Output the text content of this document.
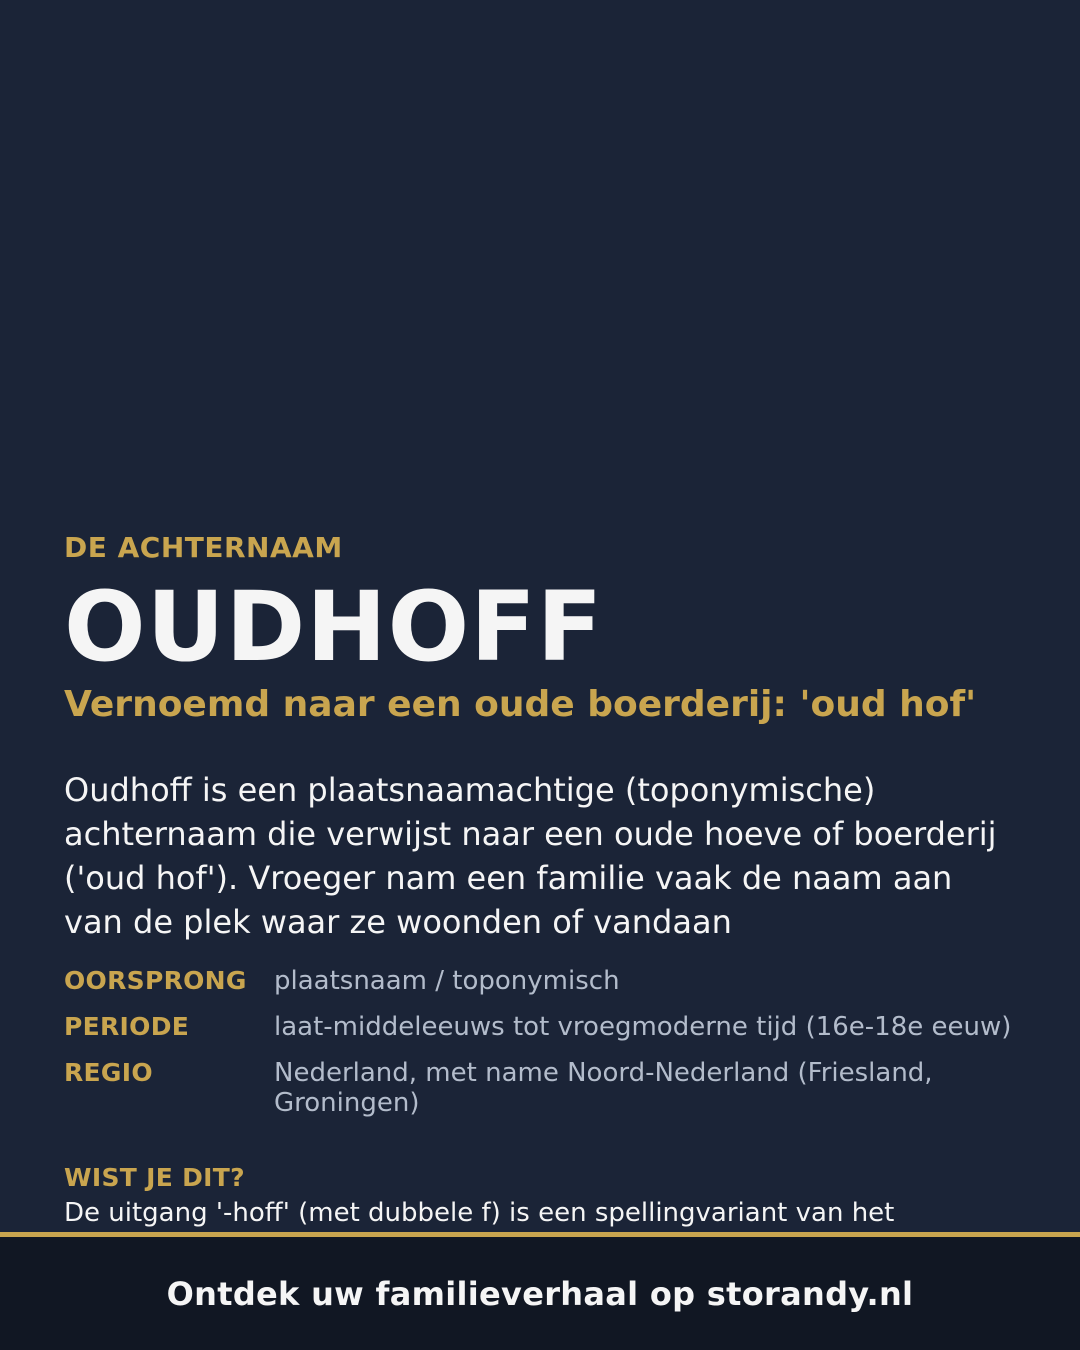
DE ACHTERNAAM

OUDHOFF
Vernoemd naar een oude boerderij: 'oud hof'

Oudhoff is een plaatsnaamachtige (toponymische) achternaam die verwijst naar een oude hoeve of boerderij ('oud hof'). Vroeger nam een familie vaak de naam aan van de plek waar ze woonden of vandaan

OORSPRONG	plaatsnaam / toponymisch
PERIODE	laat-middeleeuws tot vroegmoderne tijd (16e-18e eeuw)
REGIO	Nederland, met name Noord-Nederland (Friesland, Groningen)
WIST JE DIT?

De uitgang '-hoff' (met dubbele f) is een spellingvariant van het

Ontdek uw familieverhaal op storandy.nl
